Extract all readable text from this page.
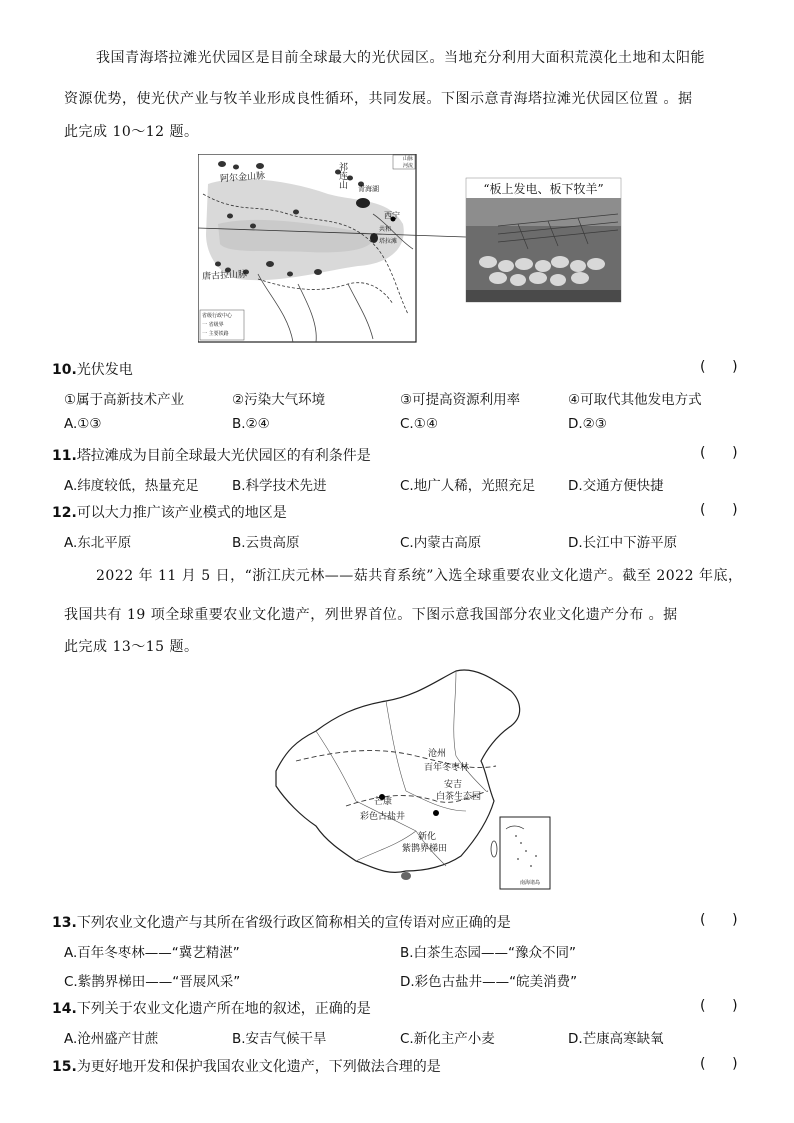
我国青海塔拉滩光伏园区是目前全球最大的光伏园区。当地充分利用大面积荒漠化土地和太阳能
资源优势，使光伏产业与牧羊业形成良性循环，共同发展。下图示意青海塔拉滩光伏园区位置 。据
此完成 10～12 题。
阿尔金山脉	祁连山
唐古拉山脉
青海湖
西宁
共和
塔拉滩
山脉
河流
省级行政中心
一 省级界
一 主要铁路
“板上发电、板下牧羊”
10.光伏发电	(      )
①属于高新技术产业	②污染大气环境	③可提高资源利用率	④可取代其他发电方式
A.①③	B.②④	C.①④	D.②③
11.塔拉滩成为目前全球最大光伏园区的有利条件是	(      )
A.纬度较低，热量充足 B.科学技术先进	C.地广人稀，光照充足 D.交通方便快捷
12.可以大力推广该产业模式的地区是	(      )
A.东北平原	B.云贵高原	C.内蒙古高原	D.长江中下游平原
2022 年 11 月 5 日，“浙江庆元林——菇共育系统”入选全球重要农业文化遗产。截至 2022 年底，
我国共有 19 项全球重要农业文化遗产，列世界首位。下图示意我国部分农业文化遗产分布 。据
此完成 13～15 题。
沧州
百年冬枣林
安吉
白茶生态园
芒康
彩色古盐井
新化
紫鹊界梯田
南海诸岛
13.下列农业文化遗产与其所在省级行政区简称相关的宣传语对应正确的是	(      )
A.百年冬枣林——“冀艺精湛”	B.白茶生态园——“豫众不同”
C.紫鹊界梯田——“晋展风采”	D.彩色古盐井——“皖美消费”
14.下列关于农业文化遗产所在地的叙述，正确的是	(      )
A.沧州盛产甘蔗	B.安吉气候干旱	C.新化主产小麦	D.芒康高寒缺氧
15.为更好地开发和保护我国农业文化遗产，下列做法合理的是	(      )
